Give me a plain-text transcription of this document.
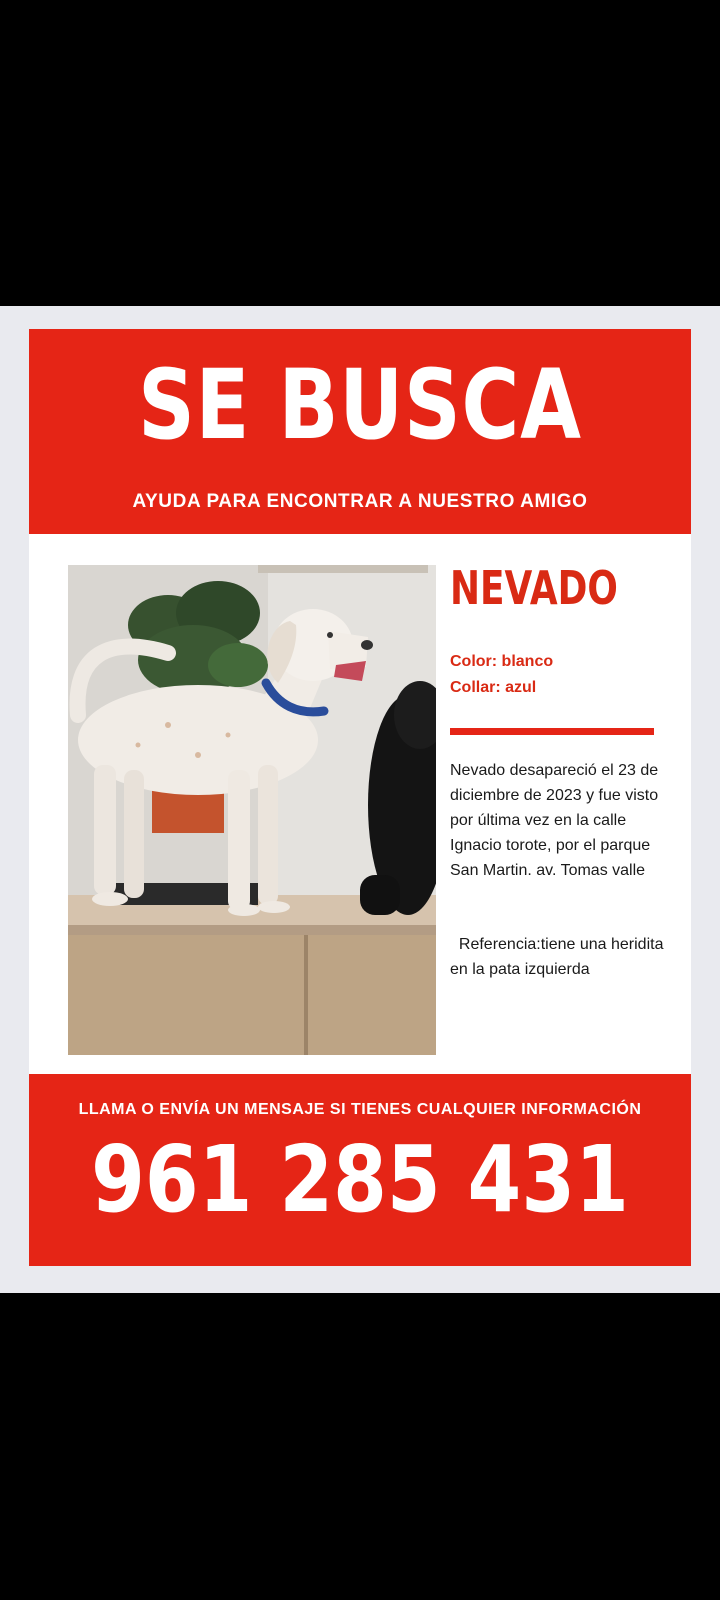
SE BUSCA
AYUDA PARA ENCONTRAR A NUESTRO AMIGO
NEVADO
Color: blanco
Collar: azul
Nevado desapareció el 23 de diciembre de 2023 y fue visto por última vez en la calle Ignacio torote, por el parque San Martin. av. Tomas valle
Referencia:tiene una heridita en la pata izquierda
LLAMA O ENVÍA UN MENSAJE SI TIENES CUALQUIER INFORMACIÓN
961 285 431
